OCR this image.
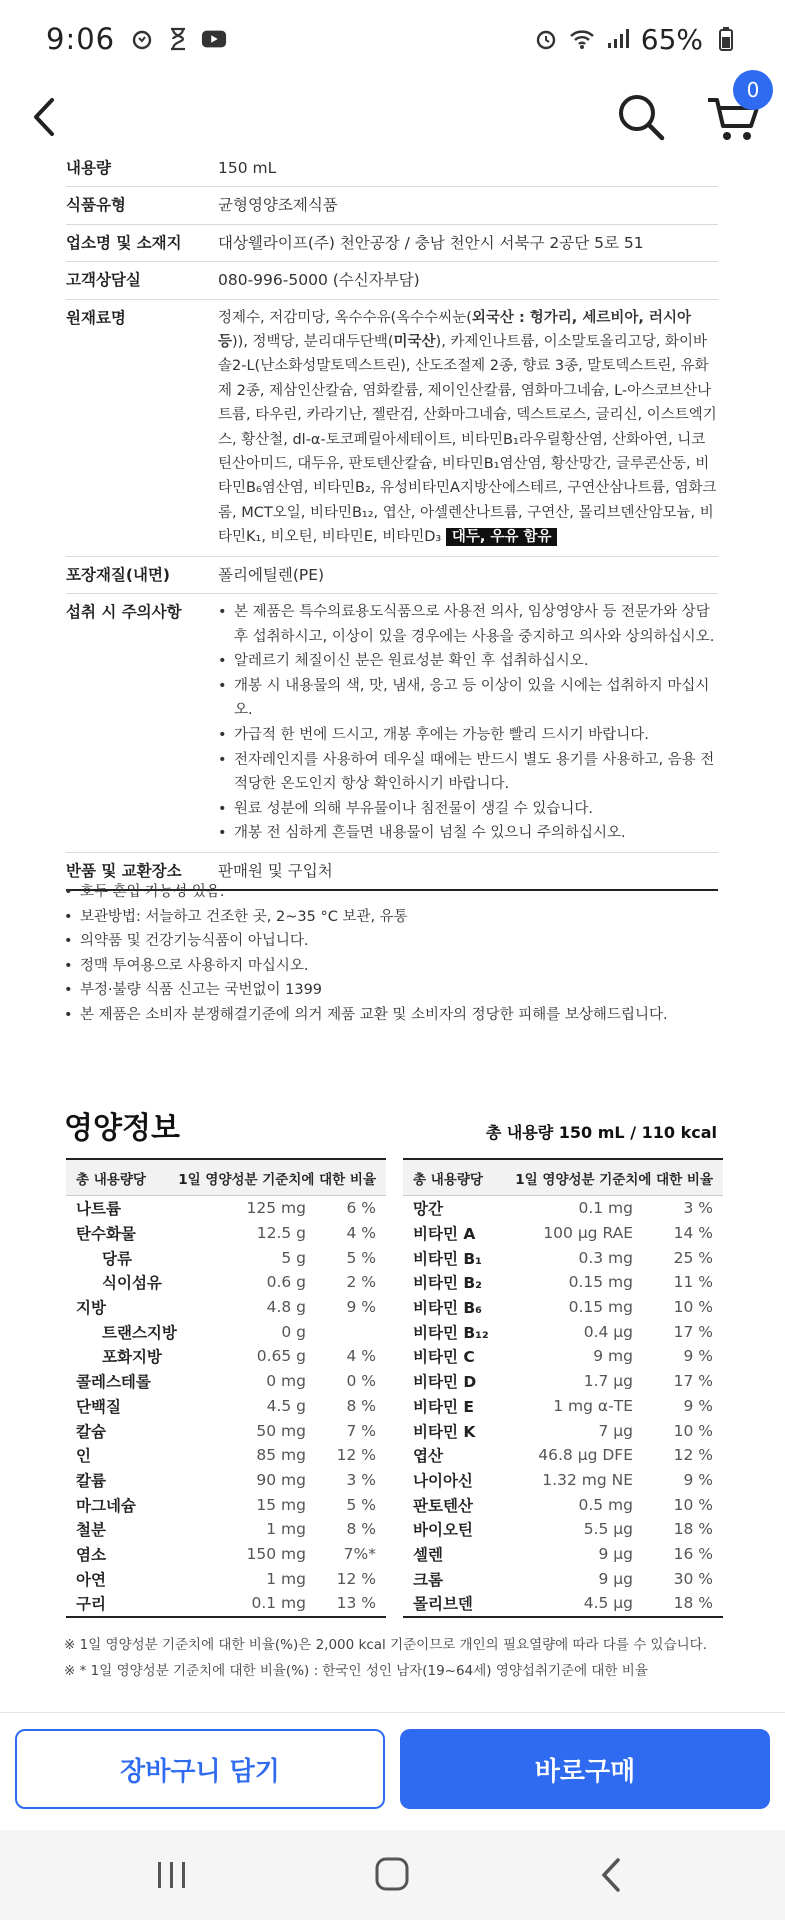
9:06	65%
0
내용량	150 mL
식품유형	균형영양조제식품
업소명 및 소재지	대상웰라이프(주) 천안공장 / 충남 천안시 서북구 2공단 5로 51
고객상담실	080-996-5000 (수신자부담)
원재료명	정제수, 저감미당, 옥수수유(옥수수씨눈(외국산 : 헝가리, 세르비아, 러시아 등)), 정백당, 분리대두단백(미국산), 카제인나트륨, 이소말토올리고당, 화이바솔2-L(난소화성말토덱스트린), 산도조절제 2종, 향료 3종, 말토덱스트린, 유화제 2종, 제삼인산칼슘, 염화칼륨, 제이인산칼륨, 염화마그네슘, L-아스코브산나트륨, 타우린, 카라기난, 젤란검, 산화마그네슘, 덱스트로스, 글리신, 이스트엑기스, 황산철, dl-α-토코페릴아세테이트, 비타민B₁라우릴황산염, 산화아연, 니코틴산아미드, 대두유, 판토텐산칼슘, 비타민B₁염산염, 황산망간, 글루콘산동, 비타민B₆염산염, 비타민B₂, 유성비타민A지방산에스테르, 구연산삼나트륨, 염화크롬, MCT오일, 비타민B₁₂, 엽산, 아셀렌산나트륨, 구연산, 몰리브덴산암모늄, 비타민K₁, 비오틴, 비타민E, 비타민D₃ 대두, 우유 함유
포장재질(내면)	폴리에틸렌(PE)
섭취 시 주의사항
•	본 제품은 특수의료용도식품으로 사용전 의사, 임상영양사 등 전문가와 상담 후 섭취하시고, 이상이 있을 경우에는 사용을 중지하고 의사와 상의하십시오.
• 알레르기 체질이신 분은 원료성분 확인 후 섭취하십시오.
• 개봉 시 내용물의 색, 맛, 냄새, 응고 등 이상이 있을 시에는 섭취하지 마십시오.
• 가급적 한 번에 드시고, 개봉 후에는 가능한 빨리 드시기 바랍니다.
• 전자레인지를 사용하여 데우실 때에는 반드시 별도 용기를 사용하고, 음용 전 적당한 온도인지 항상 확인하시기 바랍니다.
• 원료 성분에 의해 부유물이나 침전물이 생길 수 있습니다.
• 개봉 전 심하게 흔들면 내용물이 넘칠 수 있으니 주의하십시오.
반품 및 교환장소	판매원 및 구입처
• 호두 혼입 가능성 있음.
• 보관방법: 서늘하고 건조한 곳, 2~35 °C 보관, 유통
• 의약품 및 건강기능식품이 아닙니다.
• 정맥 투여용으로 사용하지 마십시오.
• 부정·불량 식품 신고는 국번없이 1399
• 본 제품은 소비자 분쟁해결기준에 의거 제품 교환 및 소비자의 정당한 피해를 보상해드립니다.
영양정보	총 내용량 150 mL / 110 kcal
총 내용량당 1일 영양성분 기준치에 대한 비율
나트륨	125 mg	6 %
탄수화물	12.5 g	4 %
당류	5 g	5 %
식이섬유	0.6 g	2 %
지방	4.8 g	9 %
트랜스지방	0 g
포화지방	0.65 g	4 %
콜레스테롤	0 mg	0 %
단백질	4.5 g	8 %
칼슘	50 mg	7 %
인	85 mg	12 %
칼륨	90 mg	3 %
마그네슘	15 mg	5 %
철분	1 mg	8 %
염소	150 mg	7%*
아연	1 mg	12 %
구리	0.1 mg	13 %
총 내용량당 1일 영양성분 기준치에 대한 비율
망간	0.1 mg	3 %
비타민 A	100 μg RAE	14 %
비타민 B₁	0.3 mg	25 %
비타민 B₂	0.15 mg	11 %
비타민 B₆	0.15 mg	10 %
비타민 B₁₂	0.4 μg	17 %
비타민 C	9 mg	9 %
비타민 D	1.7 μg	17 %
비타민 E	1 mg α-TE	9 %
비타민 K	7 μg	10 %
엽산	46.8 μg DFE	12 %
나이아신	1.32 mg NE	9 %
판토텐산	0.5 mg	10 %
바이오틴	5.5 μg	18 %
셀렌	9 μg	16 %
크롬	9 μg	30 %
몰리브덴	4.5 μg	18 %
※ 1일 영양성분 기준치에 대한 비율(%)은 2,000 kcal 기준이므로 개인의 필요열량에 따라 다를 수 있습니다.
※ * 1일 영양성분 기준치에 대한 비율(%) : 한국인 성인 남자(19~64세) 영양섭취기준에 대한 비율
장바구니 담기	바로구매
